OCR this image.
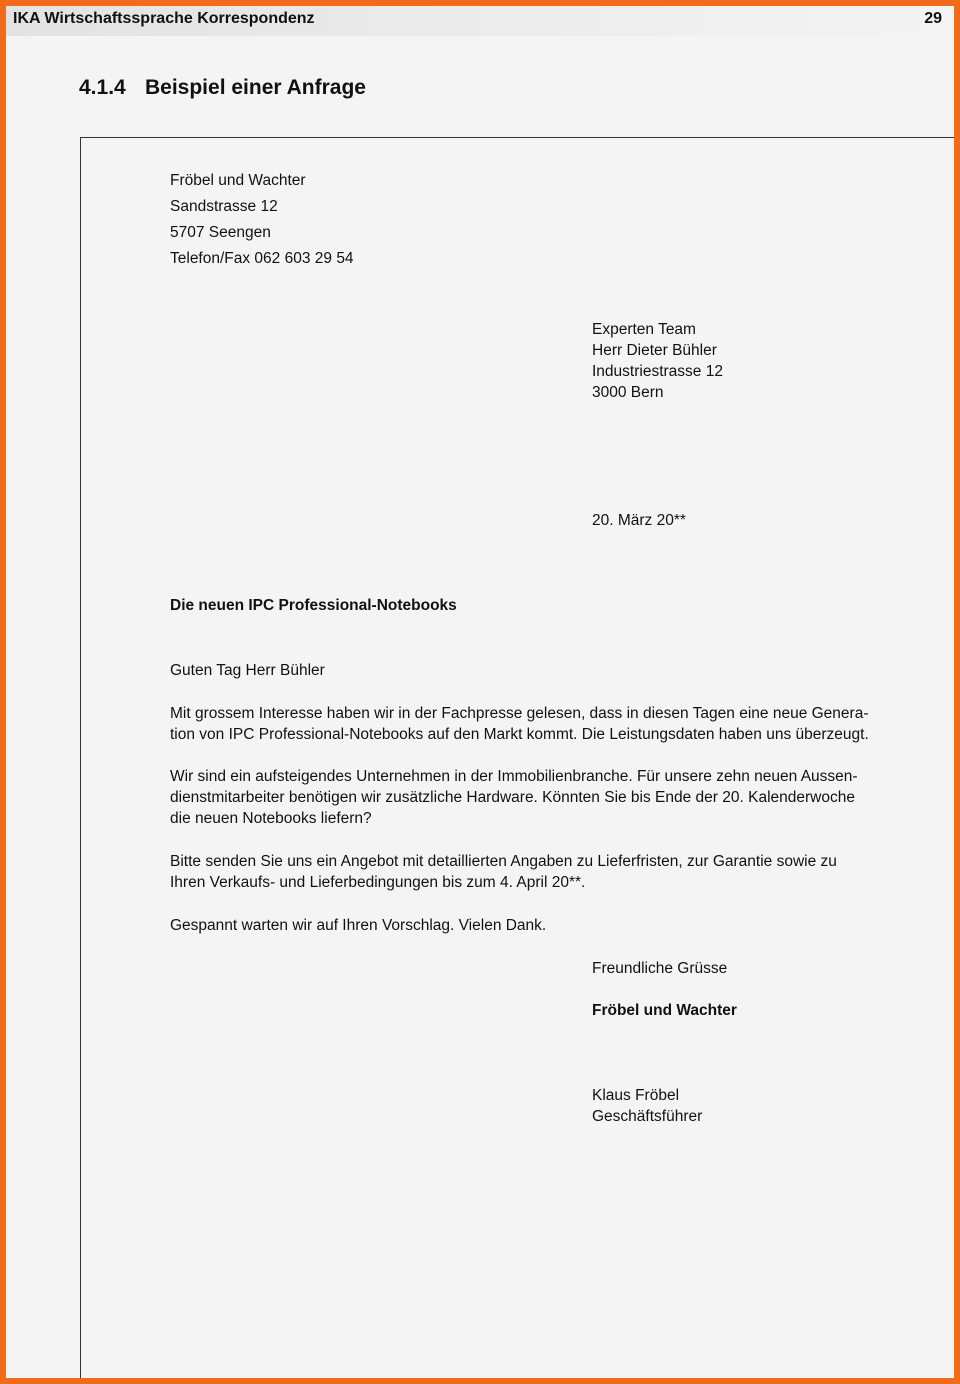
IKA Wirtschaftssprache Korrespondenz	29
4.1.4 Beispiel einer Anfrage
Fröbel und Wachter
Sandstrasse 12
5707 Seengen
Telefon/Fax 062 603 29 54
Experten Team
Herr Dieter Bühler
Industriestrasse 12
3000 Bern
20. März 20**
Die neuen IPC Professional-Notebooks
Guten Tag Herr Bühler
Mit grossem Interesse haben wir in der Fachpresse gelesen, dass in diesen Tagen eine neue Genera-
tion von IPC Professional-Notebooks auf den Markt kommt. Die Leistungsdaten haben uns überzeugt.
Wir sind ein aufsteigendes Unternehmen in der Immobilienbranche. Für unsere zehn neuen Aussen-
dienstmitarbeiter benötigen wir zusätzliche Hardware. Könnten Sie bis Ende der 20. Kalenderwoche
die neuen Notebooks liefern?
Bitte senden Sie uns ein Angebot mit detaillierten Angaben zu Lieferfristen, zur Garantie sowie zu
Ihren Verkaufs- und Lieferbedingungen bis zum 4. April 20**.
Gespannt warten wir auf Ihren Vorschlag. Vielen Dank.
Freundliche Grüsse
Fröbel und Wachter
Klaus Fröbel
Geschäftsführer
